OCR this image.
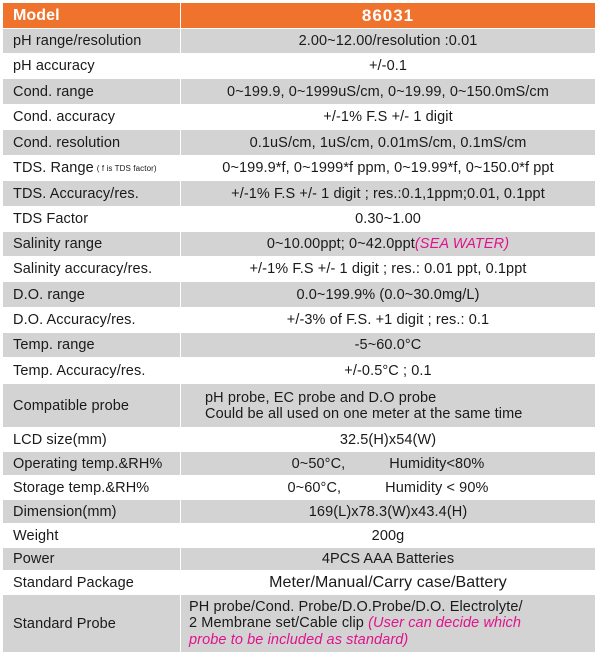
Model	86031
pH range/resolution	2.00~12.00/resolution :0.01
pH accuracy	+/-0.1
Cond. range	0~199.9, 0~1999uS/cm, 0~19.99, 0~150.0mS/cm
Cond. accuracy	+/-1% F.S +/- 1 digit
Cond. resolution	0.1uS/cm, 1uS/cm, 0.01mS/cm, 0.1mS/cm
TDS. Range ( f is TDS factor)	0~199.9*f, 0~1999*f ppm, 0~19.99*f, 0~150.0*f ppt
TDS. Accuracy/res.	+/-1% F.S +/- 1 digit ; res.:0.1,1ppm;0.01, 0.1ppt
TDS Factor	0.30~1.00
Salinity range	0~10.00ppt; 0~42.0ppt (SEA WATER)
Salinity accuracy/res.	+/-1% F.S +/- 1 digit ; res.: 0.01 ppt, 0.1ppt
D.O. range	0.0~199.9% (0.0~30.0mg/L)
D.O. Accuracy/res.	+/-3% of F.S. +1 digit ; res.: 0.1
Temp. range	-5~60.0°C
Temp. Accuracy/res.	+/-0.5°C ; 0.1
Compatible probe	pH probe, EC probe and D.O probe
Could be all used on one meter at the same time
LCD size(mm)	32.5(H)x54(W)
Operating temp.&RH%	0~50°C,	Humidity<80%
Storage temp.&RH%	0~60°C,	Humidity < 90%
Dimension(mm)	169(L)x78.3(W)x43.4(H)
Weight	200g
Power	4PCS AAA Batteries
Standard Package	Meter/Manual/Carry case/Battery
Standard Probe
PH probe/Cond. Probe/D.O.Probe/D.O. Electrolyte/
2 Membrane set/Cable clip (User can decide which
probe to be included as standard)
